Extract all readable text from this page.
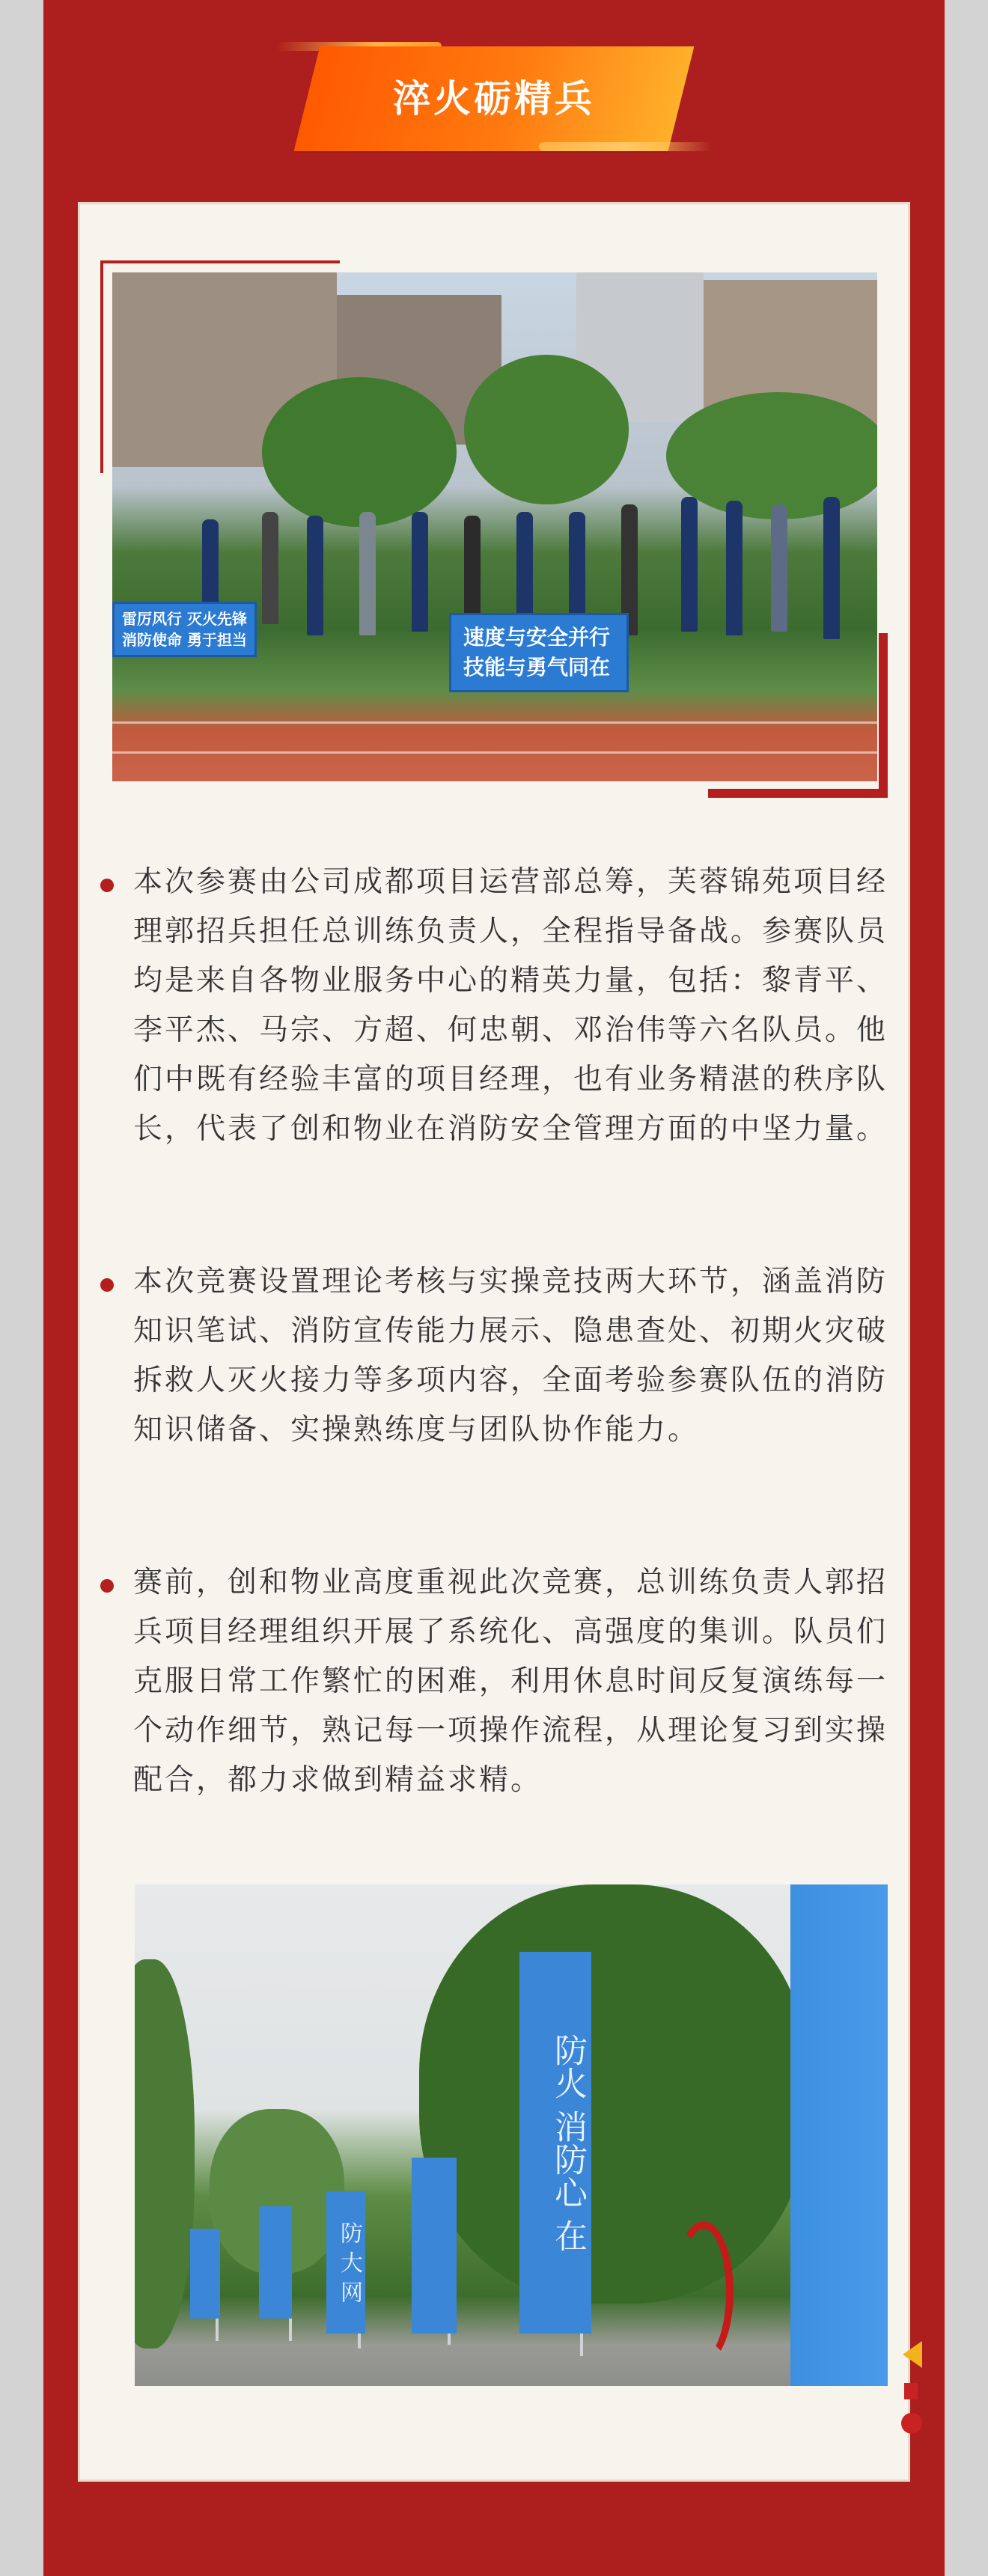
淬火砺精兵
雷厉风行 灭火先锋
消防使命 勇于担当	速度与安全并行
技能与勇气同在
本次参赛由公司成都项目运营部总筹，芙蓉锦苑项目经理郭招兵担任总训练负责人，全程指导备战。参赛队员均是来自各物业服务中心的精英力量，包括：黎青平、李平杰、马宗、方超、何忠朝、邓治伟等六名队员。他们中既有经验丰富的项目经理，也有业务精湛的秩序队长，代表了创和物业在消防安全管理方面的中坚力量。
本次竞赛设置理论考核与实操竞技两大环节，涵盖消防知识笔试、消防宣传能力展示、隐患查处、初期火灾破拆救人灭火接力等多项内容，全面考验参赛队伍的消防知识储备、实操熟练度与团队协作能力。
赛前，创和物业高度重视此次竞赛，总训练负责人郭招兵项目经理组织开展了系统化、高强度的集训。队员们克服日常工作繁忙的困难，利用休息时间反复演练每一个动作细节，熟记每一项操作流程，从理论复习到实操配合，都力求做到精益求精。
防 大 网
防火 消防心 在
